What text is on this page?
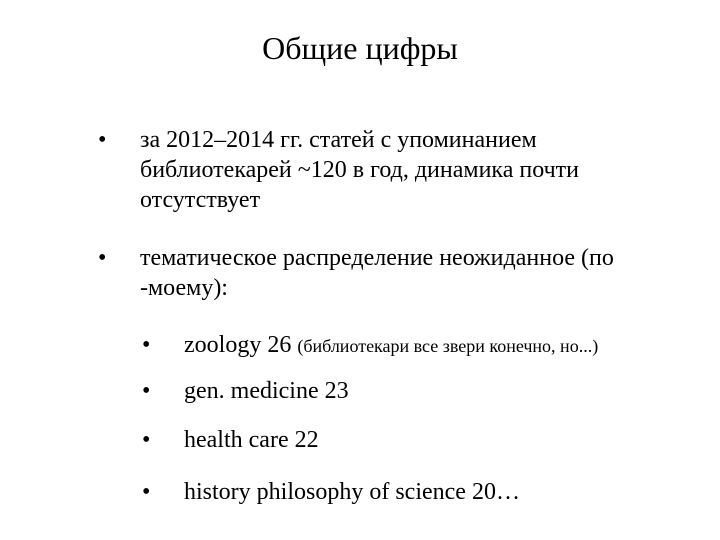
Общие цифры
• за 2012–2014 гг. статей с упоминанием
библиотекарей ~120 в год, динамика почти
отсутствует
• тематическое распределение неожиданное (по
-моему):
• zoology 26 (библиотекари все звери конечно, но...)
• gen. medicine 23
• health care 22
• history philosophy of science 20…
